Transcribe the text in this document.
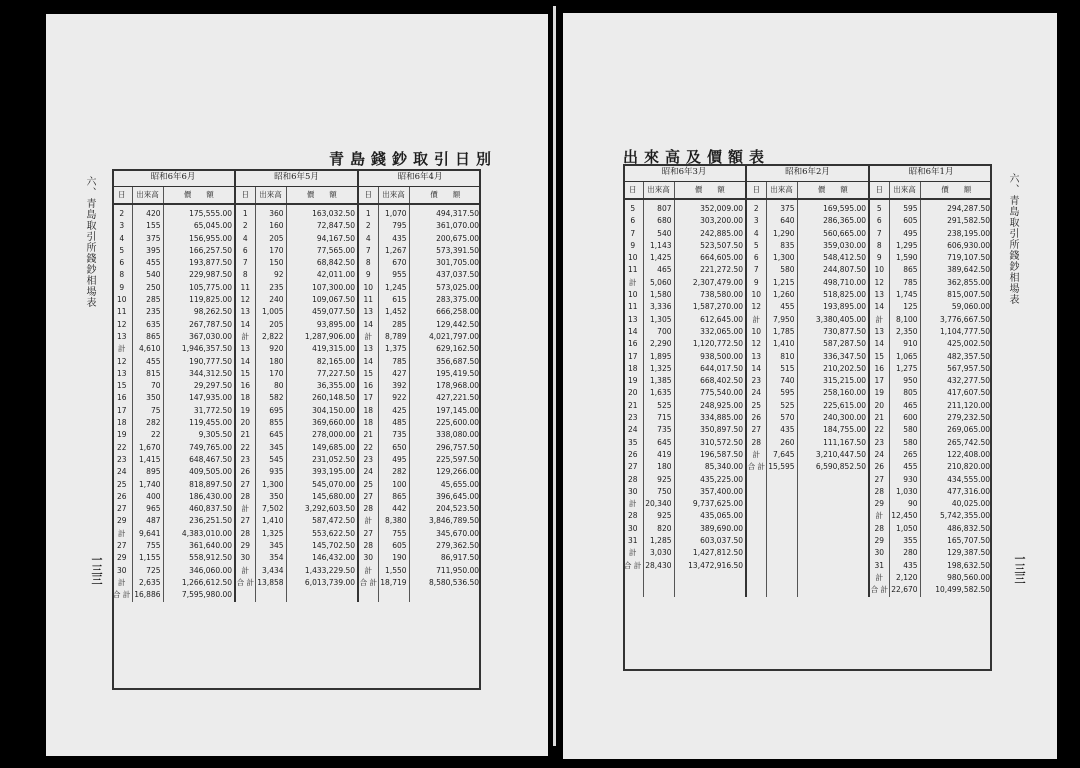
六、青島取引所錢鈔相場表
一三三
青島錢鈔取引日別
昭和6年6月			昭和6年5月			昭和6年4月		
日	出來高	價　　額	日	出來高	價　　額	日	出來高	價　　額
2	420	175,555.00	1	360	163,032.50	1	1,070	494,317.50
3	155	65,045.00	2	160	72,847.50	2	795	361,070.00
4	375	156,955.00	4	205	94,167.50	4	435	200,675.00
5	395	166,257.50	6	170	77,565.00	7	1,267	573,391.50
6	455	193,877.50	7	150	68,842.50	8	670	301,705.00
8	540	229,987.50	8	92	42,011.00	9	955	437,037.50
9	250	105,775.00	11	235	107,300.00	10	1,245	573,025.00
10	285	119,825.00	12	240	109,067.50	11	615	283,375.00
11	235	98,262.50	13	1,005	459,077.50	13	1,452	666,258.00
12	635	267,787.50	14	205	93,895.00	14	285	129,442.50
13	865	367,030.00	計	2,822	1,287,906.00	計	8,789	4,021,797.00
計	4,610	1,946,357.50	13	920	419,315.00	13	1,375	629,162.50
12	455	190,777.50	14	180	82,165.00	14	785	356,687.50
13	815	344,312.50	15	170	77,227.50	15	427	195,419.50
15	70	29,297.50	16	80	36,355.00	16	392	178,968.00
16	350	147,935.00	18	582	260,148.50	17	922	427,221.50
17	75	31,772.50	19	695	304,150.00	18	425	197,145.00
18	282	119,455.00	20	855	369,660.00	18	485	225,600.00
19	22	9,305.50	21	645	278,000.00	21	735	338,080.00
22	1,670	749,765.00	22	345	149,685.00	22	650	296,757.50
23	1,415	648,467.50	23	545	231,052.50	23	495	225,597.50
24	895	409,505.00	26	935	393,195.00	24	282	129,266.00
25	1,740	818,897.50	27	1,300	545,070.00	25	100	45,655.00
26	400	186,430.00	28	350	145,680.00	27	865	396,645.00
27	965	460,837.50	計	7,502	3,292,603.50	28	442	204,523.50
29	487	236,251.50	27	1,410	587,472.50	計	8,380	3,846,789.50
計	9,641	4,383,010.00	28	1,325	553,622.50	27	755	345,670.00
27	755	361,640.00	29	345	145,702.50	28	605	279,362.50
29	1,155	558,912.50	30	354	146,432.00	30	190	86,917.50
30	725	346,060.00	計	3,434	1,433,229.50	計	1,550	711,950.00
計	2,635	1,266,612.50	合 計	13,858	6,013,739.00	合 計	18,719	8,580,536.50
合 計	16,886	7,595,980.00						
出來高及價額表
六、青島取引所錢鈔相場表
一三三
昭和6年3月			昭和6年2月			昭和6年1月		
日	出來高	價　　額	日	出來高	價　　額	日	出來高	價　　額
5	807	352,009.00	2	375	169,595.00	5	595	294,287.50
6	680	303,200.00	3	640	286,365.00	6	605	291,582.50
7	540	242,885.00	4	1,290	560,665.00	7	495	238,195.00
9	1,143	523,507.50	5	835	359,030.00	8	1,295	606,930.00
10	1,425	664,605.00	6	1,300	548,412.50	9	1,590	719,107.50
11	465	221,272.50	7	580	244,807.50	10	865	389,642.50
計	5,060	2,307,479.00	9	1,215	498,710.00	12	785	362,855.00
10	1,580	738,580.00	10	1,260	518,825.00	13	1,745	815,007.50
11	3,336	1,587,270.00	12	455	193,895.00	14	125	59,060.00
13	1,305	612,645.00	計	7,950	3,380,405.00	計	8,100	3,776,667.50
14	700	332,065.00	10	1,785	730,877.50	13	2,350	1,104,777.50
16	2,290	1,120,772.50	12	1,410	587,287.50	14	910	425,002.50
17	1,895	938,500.00	13	810	336,347.50	15	1,065	482,357.50
18	1,325	644,017.50	14	515	210,202.50	16	1,275	567,957.50
19	1,385	668,402.50	23	740	315,215.00	17	950	432,277.50
20	1,635	775,540.00	24	595	258,160.00	19	805	417,607.50
21	525	248,925.00	25	525	225,615.00	20	465	211,120.00
23	715	334,885.00	26	570	240,300.00	21	600	279,232.50
24	735	350,897.50	27	435	184,755.00	22	580	269,065.00
35	645	310,572.50	28	260	111,167.50	23	580	265,742.50
26	419	196,587.50	計	7,645	3,210,447.50	24	265	122,408.00
27	180	85,340.00	合 計	15,595	6,590,852.50	26	455	210,820.00
28	925	435,225.00				27	930	434,555.00
30	750	357,400.00				28	1,030	477,316.00
計	20,340	9,737,625.00				29	90	40,025.00
28	925	435,065.00				計	12,450	5,742,355.00
30	820	389,690.00				28	1,050	486,832.50
31	1,285	603,037.50				29	355	165,707.50
計	3,030	1,427,812.50				30	280	129,387.50
合 計	28,430	13,472,916.50				31	435	198,632.50
						計	2,120	980,560.00
						合 計	22,670	10,499,582.50
